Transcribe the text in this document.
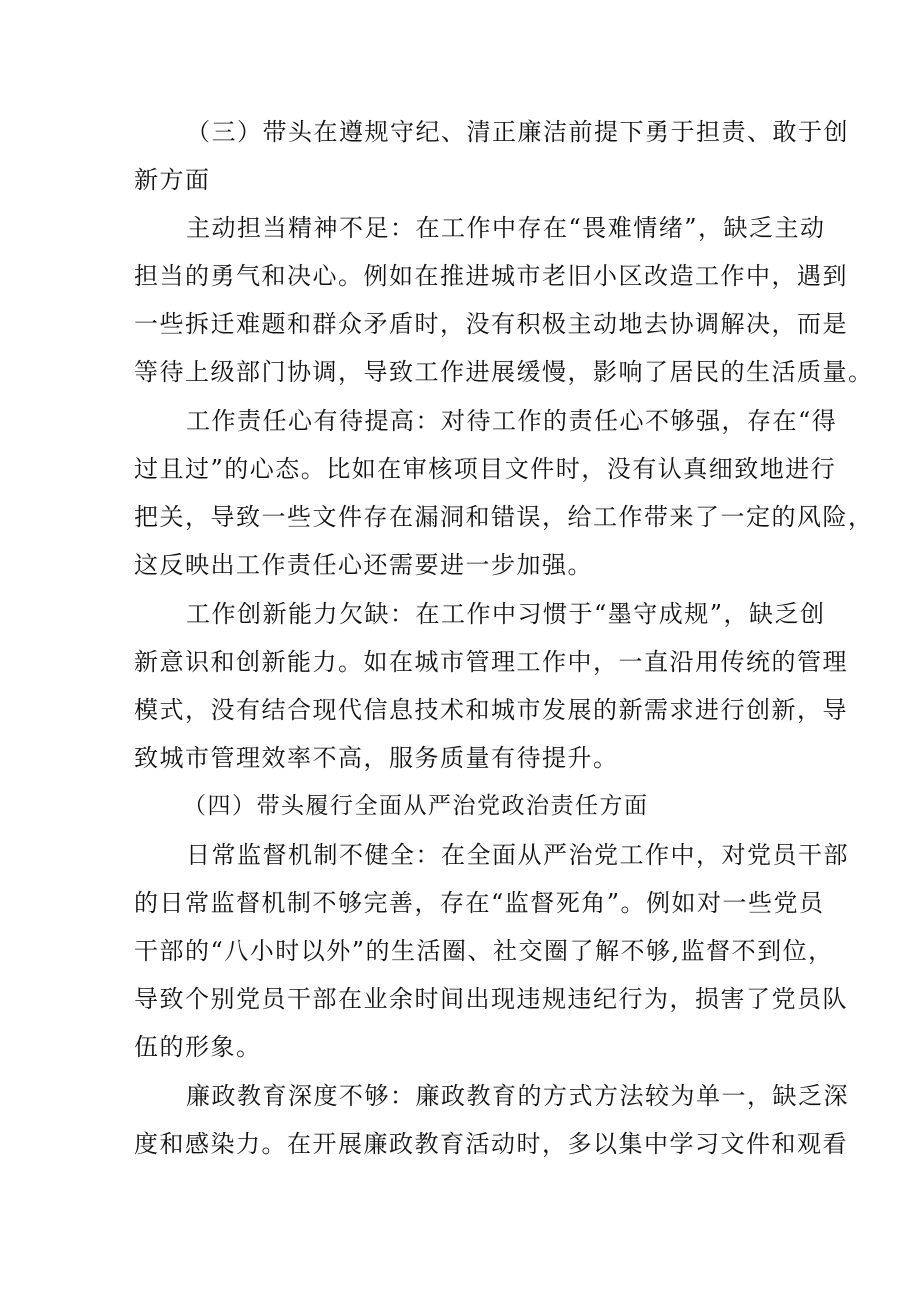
（三）带头在遵规守纪、清正廉洁前提下勇于担责、敢于创
新方面
主动担当精神不足：在工作中存在“畏难情绪”，缺乏主动
担当的勇气和决心。例如在推进城市老旧小区改造工作中，遇到
一些拆迁难题和群众矛盾时，没有积极主动地去协调解决，而是
等待上级部门协调，导致工作进展缓慢，影响了居民的生活质量。
工作责任心有待提高：对待工作的责任心不够强，存在“得
过且过”的心态。比如在审核项目文件时，没有认真细致地进行
把关，导致一些文件存在漏洞和错误，给工作带来了一定的风险，
这反映出工作责任心还需要进一步加强。
工作创新能力欠缺：在工作中习惯于“墨守成规”，缺乏创
新意识和创新能力。如在城市管理工作中，一直沿用传统的管理
模式，没有结合现代信息技术和城市发展的新需求进行创新，导
致城市管理效率不高，服务质量有待提升。
（四）带头履行全面从严治党政治责任方面
日常监督机制不健全：在全面从严治党工作中，对党员干部
的日常监督机制不够完善，存在“监督死角”。例如对一些党员
干部的“八小时以外”的生活圈、社交圈了解不够,监督不到位，
导致个别党员干部在业余时间出现违规违纪行为，损害了党员队
伍的形象。
廉政教育深度不够：廉政教育的方式方法较为单一，缺乏深
度和感染力。在开展廉政教育活动时，多以集中学习文件和观看
